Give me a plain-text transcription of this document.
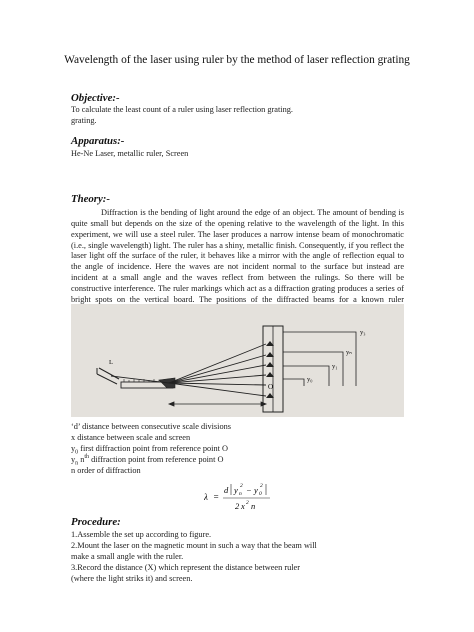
Wavelength of the laser using ruler by the method of laser reflection grating
Objective:-
To calculate the least count of a ruler using laser reflection grating.
grating.
Apparatus:-
He-Ne Laser, metallic ruler, Screen
Theory:-
Diffraction is the bending of light around the edge of an object. The amount of bending is quite small but depends on the size of the opening relative to the wavelength of the light. In this experiment, we will use a steel ruler. The laser produces a narrow intense beam of monochromatic (i.e., single wavelength) light. The ruler has a shiny, metallic finish. Consequently, if you reflect the laser light off the surface of the ruler, it behaves like a mirror with the angle of reflection equal to the angle of incidence. Here the waves are not incident normal to the surface but instead are incident at a small angle and the waves reflect from between the rulings. So there will be constructive interference. The ruler markings which act as a diffraction grating produces a series of bright spots on the vertical board. The positions of the diffracted beams for a known ruler
y₃
yₙ
y₁
y₀
O
L
‘d’ distance between consecutive scale divisions
x distance between scale and screen
$y_0$ first diffraction point from reference point O
$y_n$ $n^{th}$ diffraction point from reference point O
n order of diffraction
λ =
d y n
2 − y 0
2
2 x 2 n
Procedure:
1.Assemble the set up according to figure.
2.Mount the laser on the magnetic mount in such a way that the beam will
make a small angle with the ruler.
3.Record the distance (X) which represent the distance between ruler
(where the light striks it) and screen.
